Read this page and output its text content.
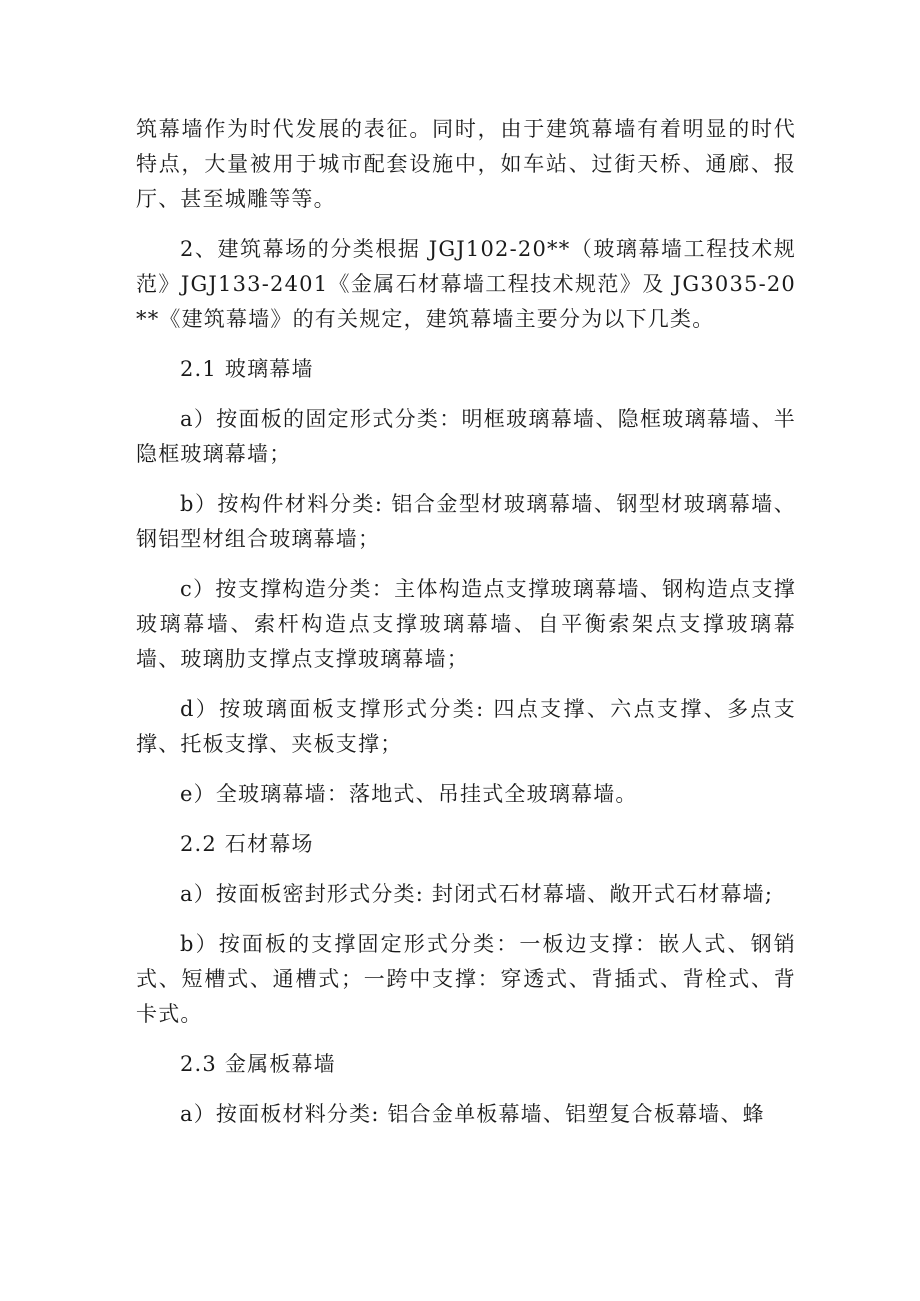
筑幕墙作为时代发展的表征。同时，由于建筑幕墙有着明显的时代特点，大量被用于城市配套设施中，如车站、过街天桥、通廊、报厅、甚至城雕等等。

2、建筑幕场的分类根据 JGJ102-20**（玻璃幕墙工程技术规范》JGJ133-2401《金属石材幕墙工程技术规范》及 JG3035-20**《建筑幕墙》的有关规定，建筑幕墙主要分为以下几类。

2.1 玻璃幕墙

a）按面板的固定形式分类：明框玻璃幕墙、隐框玻璃幕墙、半隐框玻璃幕墙；

b）按构件材料分类: 铝合金型材玻璃幕墙、钢型材玻璃幕墙、钢铝型材组合玻璃幕墙；

c）按支撑构造分类：主体构造点支撑玻璃幕墙、钢构造点支撑玻璃幕墙、索杆构造点支撑玻璃幕墙、自平衡索架点支撑玻璃幕墙、玻璃肋支撑点支撑玻璃幕墙；

d）按玻璃面板支撑形式分类: 四点支撑、六点支撑、多点支撑、托板支撑、夹板支撑；

e）全玻璃幕墙：落地式、吊挂式全玻璃幕墙。

2.2 石材幕场

a）按面板密封形式分类: 封闭式石材幕墙、敞开式石材幕墙;

b）按面板的支撑固定形式分类：一板边支撑：嵌人式、钢销式、短槽式、通槽式；一跨中支撑：穿透式、背插式、背栓式、背卡式。

2.3 金属板幕墙

a）按面板材料分类: 铝合金单板幕墙、铝塑复合板幕墙、蜂
